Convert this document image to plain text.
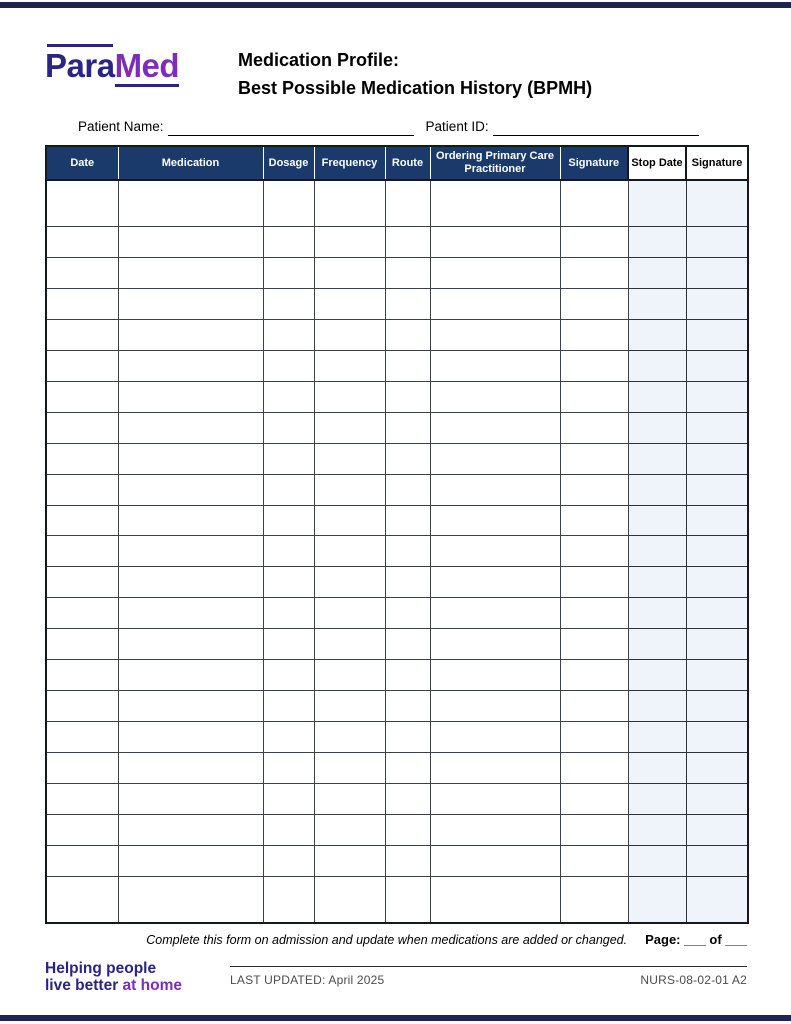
ParaMed	Medication Profile:
Best Possible Medication History (BPMH)
Patient Name:	Patient ID:
Date	Medication	Dosage	Frequency	Route	Ordering Primary Care Practitioner	Signature	Stop Date	Signature

Complete this form on admission and update when medications are added or changed. Page: ___ of ___
Helping people
live better at home	LAST UPDATED: April 2025	NURS-08-02-01 A2
